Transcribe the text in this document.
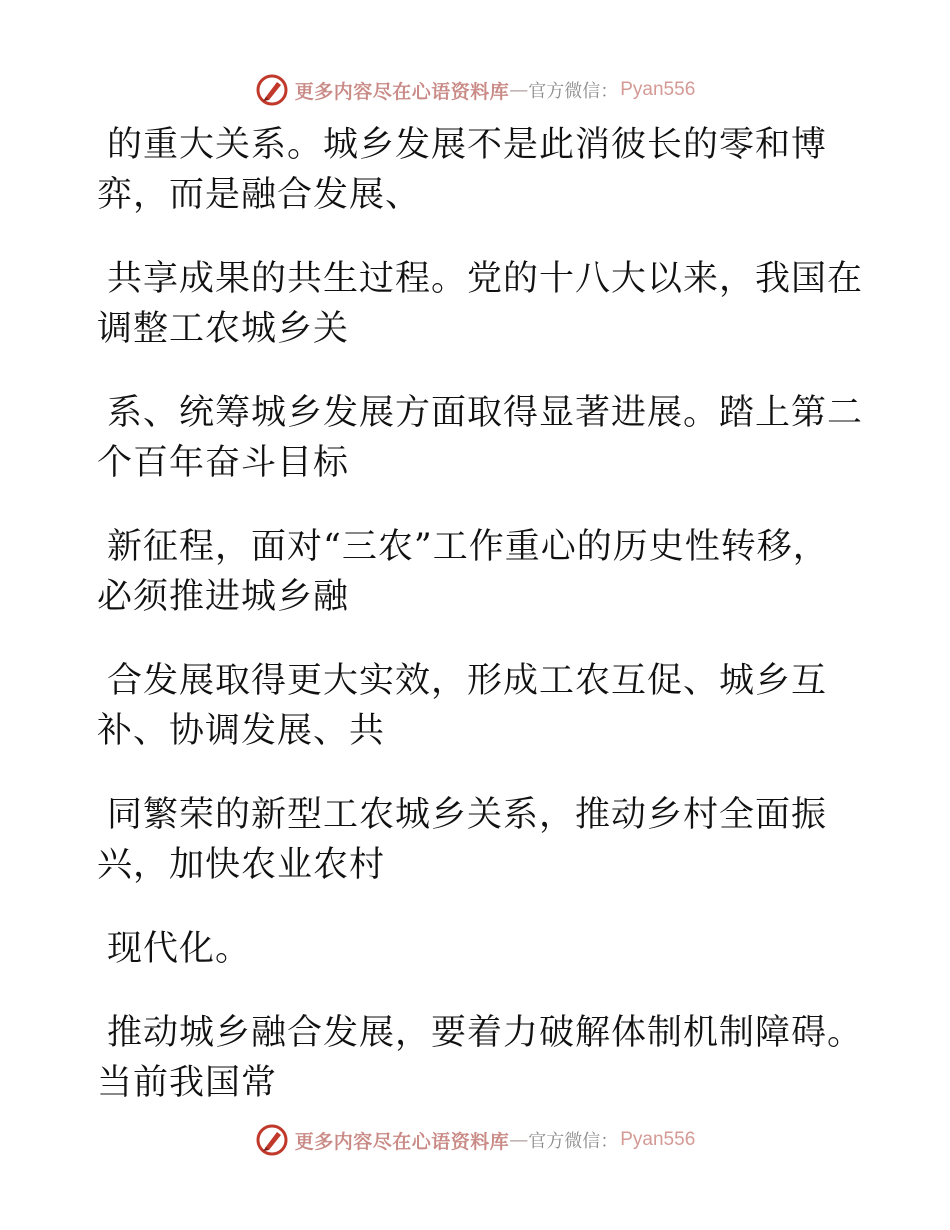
更多内容尽在心语资料库 — 官方微信： Pyan556
的重大关系。城乡发展不是此消彼长的零和博
弈，而是融合发展、
共享成果的共生过程。党的十八大以来，我国在
调整工农城乡关
系、统筹城乡发展方面取得显著进展。踏上第二
个百年奋斗目标
新征程，面对“三农”工作重心的历史性转移，
必须推进城乡融
合发展取得更大实效，形成工农互促、城乡互
补、协调发展、共
同繁荣的新型工农城乡关系，推动乡村全面振
兴，加快农业农村
现代化。
推动城乡融合发展，要着力破解体制机制障碍。
当前我国常
更多内容尽在心语资料库 — 官方微信： Pyan556
